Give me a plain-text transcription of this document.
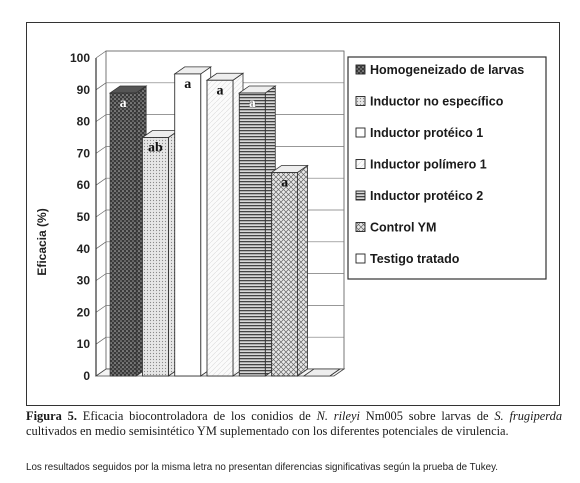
0
10
20
30
40
50
60
70
80
90
100
a
ab
a a
a
a
Eficacia (%)
Homogeneizado de larvas
Inductor no específico
Inductor protéico 1
Inductor polímero 1
Inductor protéico 2
Control YM
Testigo tratado
Figura 5. Eficacia biocontroladora de los conidios de N. rileyi Nm005 sobre larvas de S. frugiperda cultivados en medio semisintético YM suplementado con los diferentes potenciales de virulencia.
Los resultados seguidos por la misma letra no presentan diferencias significativas según la prueba de Tukey.
